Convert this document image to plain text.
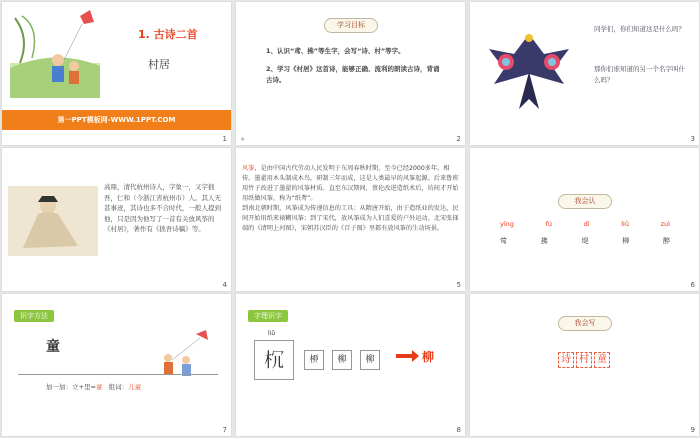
1. 古诗二首
村居
第一PPT模板网-WWW.1PPT.COM
1
学习目标
1、认识“鸢、拂”等生字，会写“诗、村”等字。
2、学习《村居》这首诗，能够正确、流利的朗读古诗，背诵古诗。
★	2
同学们，你们知道这是什么吗？
那你们谁知道的另一个名字叫什么吗？
3
高鼎，清代杭州诗人，字象一，又字拙吾，仁和（今浙江省杭州市）人。其人无甚事迹，其诗也多不合时代，一般人提到他，只是因为他写了一首有关放风筝的《村居》，著作有《拙吾诗稿》等。
4
风筝，是由中国古代劳动人民发明于东周春秋时期，至今已经2000多年。相传，墨翟用木头制成木鸟，研制三年而成，这是人类最早的风筝起源。后来鲁班用竹子改进了墨翟的风筝材质。直至东汉期间，蔡伦改进造纸术后，坊间才开始用纸做风筝，称为“纸鸢”。
到南北朝时期，风筝成为传递信息的工具；从隋唐开始，由于造纸业的发达，民间开始用纸来裱糊风筝；到了宋代，放风筝成为人们喜爱的户外运动。北宋张择端的《清明上河图》，宋朝苏汉臣的《百子图》里都有放风筝的生动场景。
5
我会认
yīng	fú	dī	liǔ	zuì
莺	拂	堤	柳	醉
6
识字方法
童
加一加：立+里=童 组词：儿童
7
字理识字
liǔ
𣏝	桺	柳	柳	柳
8
我会写
诗 村 童
9
